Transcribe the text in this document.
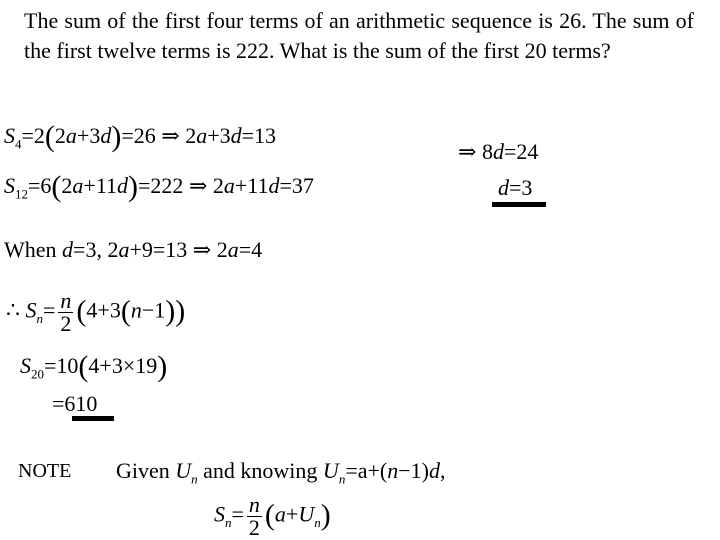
The sum of the first four terms of an arithmetic sequence is 26. The sum of the first twelve terms is 222. What is the sum of the first 20 terms?
$S_4=2(2a+3d)=26$ ⇒ 2a+3d=13
⇒ 8d=24
$S_{12}=6(2a+11d)=222$ ⇒ 2a+11d=37	d=3
When d=3, 2a+9=13 ⇒ 2a=4
∴ $S_n= \frac{n}{2} (4+3(n-1))$
$S_{20}=10(4+3\times 19)$
=610
NOTE Given $U_n$ and knowing $U_n=a+(n-1)d$,
$S_n= \frac{n}{2} (a+U_n)$
